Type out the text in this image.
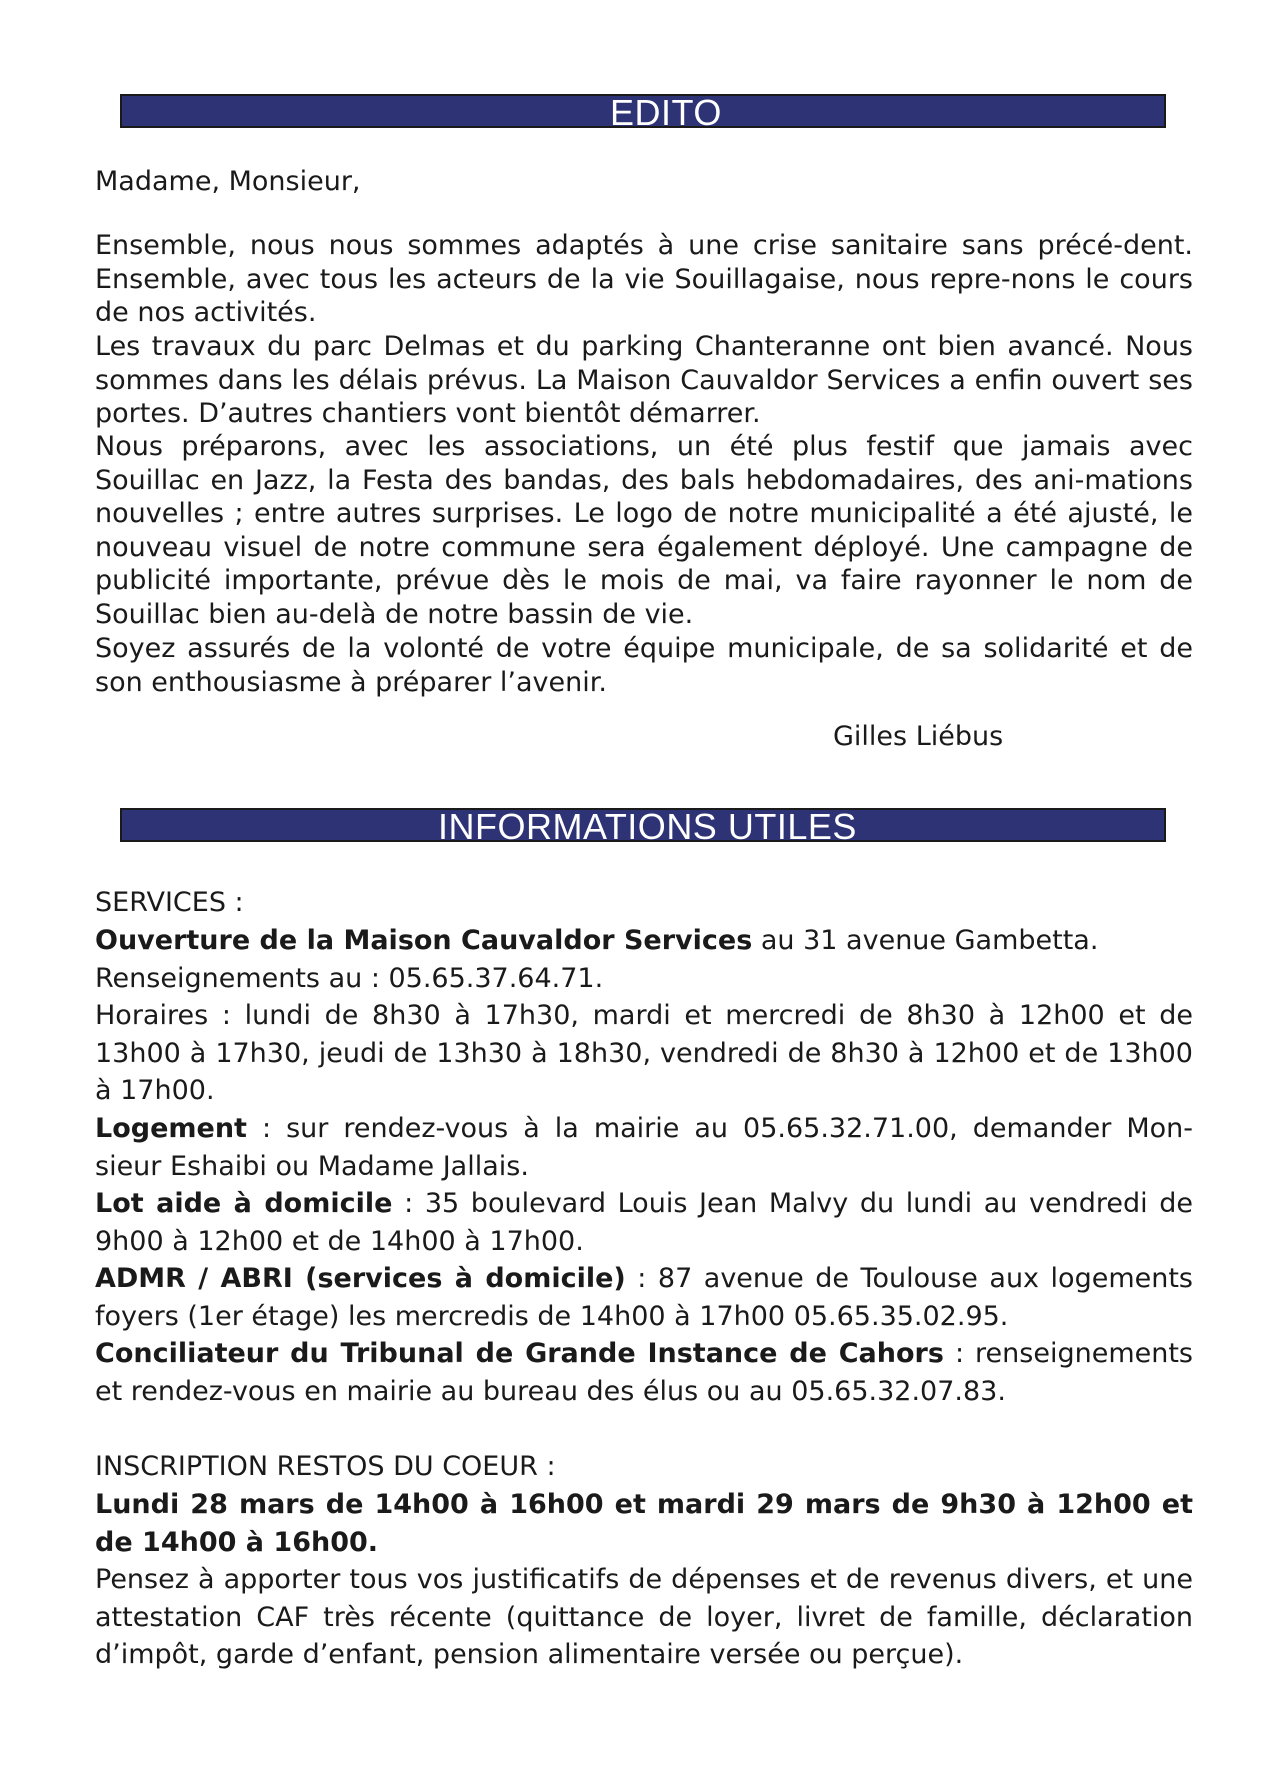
EDITO

Madame, Monsieur,

Ensemble, nous nous sommes adaptés à une crise sanitaire sans précé-dent. Ensemble, avec tous les acteurs de la vie Souillagaise, nous repre-nons le cours de nos activités.

Les travaux du parc Delmas et du parking Chanteranne ont bien avancé. Nous sommes dans les délais prévus. La Maison Cauvaldor Services a enfin ouvert ses portes. D’autres chantiers vont bientôt démarrer.

Nous préparons, avec les associations, un été plus festif que jamais avec Souillac en Jazz, la Festa des bandas, des bals hebdomadaires, des ani-mations nouvelles ; entre autres surprises. Le logo de notre municipalité a été ajusté, le nouveau visuel de notre commune sera également déployé. Une campagne de publicité importante, prévue dès le mois de mai, va faire rayonner le nom de Souillac bien au-delà de notre bassin de vie.

Soyez assurés de la volonté de votre équipe municipale, de sa solidarité et de son enthousiasme à préparer l’avenir.

Gilles Liébus
INFORMATIONS UTILES

SERVICES :

Ouverture de la Maison Cauvaldor Services au 31 avenue Gambetta.

Renseignements au : 05.65.37.64.71.

Horaires : lundi de 8h30 à 17h30, mardi et mercredi de 8h30 à 12h00 et de 13h00 à 17h30, jeudi de 13h30 à 18h30, vendredi de 8h30 à 12h00 et de 13h00 à 17h00.

Logement : sur rendez-vous à la mairie au 05.65.32.71.00, demander Mon-sieur Eshaibi ou Madame Jallais.

Lot aide à domicile : 35 boulevard Louis Jean Malvy du lundi au vendredi de 9h00 à 12h00 et de 14h00 à 17h00.

ADMR / ABRI (services à domicile) : 87 avenue de Toulouse aux logements foyers (1er étage) les mercredis de 14h00 à 17h00 05.65.35.02.95.

Conciliateur du Tribunal de Grande Instance de Cahors : renseignements et rendez-vous en mairie au bureau des élus ou au 05.65.32.07.83.

INSCRIPTION RESTOS DU COEUR :

Lundi 28 mars de 14h00 à 16h00 et mardi 29 mars de 9h30 à 12h00 et de 14h00 à 16h00.

Pensez à apporter tous vos justificatifs de dépenses et de revenus divers, et une attestation CAF très récente (quittance de loyer, livret de famille, déclaration d’impôt, garde d’enfant, pension alimentaire versée ou perçue).
